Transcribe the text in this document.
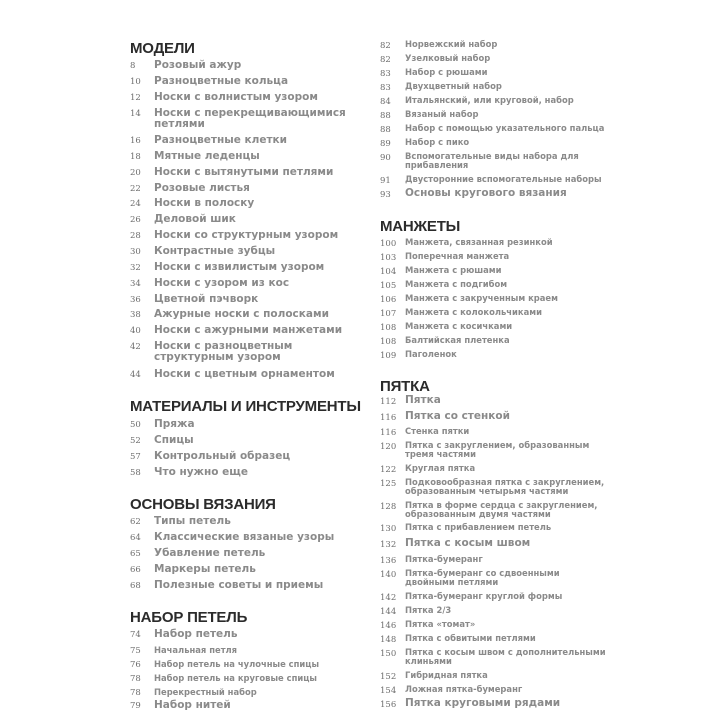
МОДЕЛИ
8 Розовый ажур
10 Разноцветные кольца
12 Носки с волнистым узором
14 Носки с перекрещивающимися
петлями
16 Разноцветные клетки
18 Мятные леденцы
20 Носки с вытянутыми петлями
22 Розовые листья
24 Носки в полоску
26 Деловой шик
28 Носки со структурным узором
30 Контрастные зубцы
32 Носки с извилистым узором
34 Носки с узором из кос
36 Цветной пэчворк
38 Ажурные носки с полосками
40 Носки с ажурными манжетами
42 Носки с разноцветным
структурным узором
44 Носки с цветным орнаментом
МАТЕРИАЛЫ И ИНСТРУМЕНТЫ
50 Пряжа
52 Спицы
57 Контрольный образец
58 Что нужно еще
ОСНОВЫ ВЯЗАНИЯ
62 Типы петель
64 Классические вязаные узоры
65 Убавление петель
66 Маркеры петель
68 Полезные советы и приемы
НАБОР ПЕТЕЛЬ
74 Набор петель
75 Начальная петля
76 Набор петель на чулочные спицы
78 Набор петель на круговые спицы
78 Перекрестный набор
79 Набор нитей
82 Норвежский набор
82 Узелковый набор
83 Набор с рюшами
83 Двухцветный набор
84 Итальянский, или круговой, набор
88 Вязаный набор
88 Набор с помощью указательного пальца
89 Набор с пико
90 Вспомогательные виды набора для
прибавления
91 Двусторонние вспомогательные наборы
93 Основы кругового вязания
МАНЖЕТЫ
100 Манжета, связанная резинкой
103 Поперечная манжета
104 Манжета с рюшами
105 Манжета с подгибом
106 Манжета с закрученным краем
107 Манжета с колокольчиками
108 Манжета с косичками
108 Балтийская плетенка
109 Паголенок
ПЯТКА
112 Пятка
116 Пятка со стенкой
116 Стенка пятки
120 Пятка с закруглением, образованным
тремя частями
122 Круглая пятка
125 Подковообразная пятка с закруглением,
образованным четырьмя частями
128 Пятка в форме сердца с закруглением,
образованным двумя частями
130 Пятка с прибавлением петель
132 Пятка с косым швом
136 Пятка-бумеранг
140 Пятка-бумеранг со сдвоенными
двойными петлями
142 Пятка-бумеранг круглой формы
144 Пятка 2/3
146 Пятка «томат»
148 Пятка с обвитыми петлями
150 Пятка с косым швом с дополнительными
клиньями
152 Гибридная пятка
154 Ложная пятка-бумеранг
156 Пятка круговыми рядами
